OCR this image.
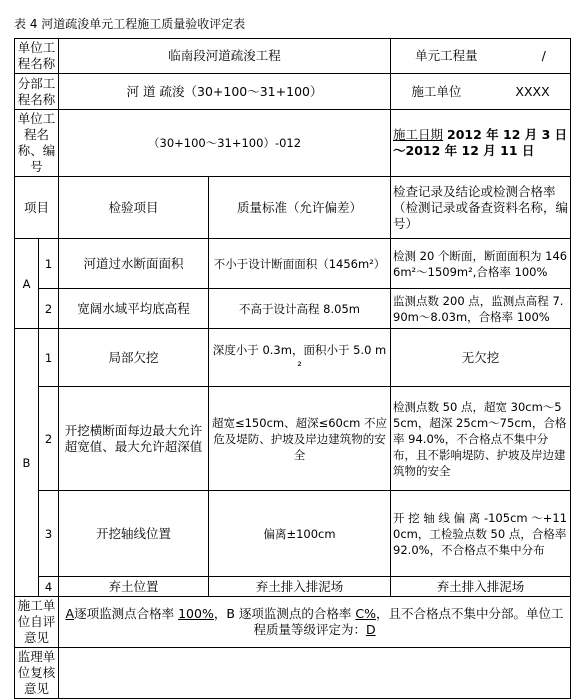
表 4 河道疏浚单元工程施工质量验收评定表
单位工程名称		临南段河道疏浚工程		单元工程量 /
分部工程名称		河 道 疏浚（30+100～31+100）		施工单位 XXXX
单位工程名称、编号		（30+100～31+100）-012		施工日期 2012 年 12 月 3 日～2012 年 12 月 11 日
项目		检验项目	质量标准（允许偏差）	检查记录及结论或检测合格率（检测记录或备查资料名称，编号）
A	1	河道过水断面面积	不小于设计断面面积（1456m²）	检测 20 个断面，断面面积为 1466m²～1509m²,合格率 100%
	2	宽阔水域平均底高程	不高于设计高程 8.05m	监测点数 200 点，监测点高程 7.90m～8.03m，合格率 100%
B	1	局部欠挖	深度小于 0.3m，面积小于 5.0 m²	无欠挖
	2	开挖横断面每边最大允许超宽值、最大允许超深值	超宽≤150cm、超深≤60cm 不应危及堤防、护坡及岸边建筑物的安全	检测点数 50 点，超宽 30cm～55cm，超深 25cm～75cm，合格率 94.0%，不合格点不集中分布，且不影响堤防、护坡及岸边建筑物的安全
	3	开挖轴线位置	偏离±100cm	开 挖 轴 线 偏 离 -105cm ～+110cm，工检验点数 50 点，合格率 92.0%，不合格点不集中分布
	4	弃土位置	弃土排入排泥场	弃土排入排泥场
施工单位自评意见		A逐项监测点合格率 100%，B 逐项监测点的合格率 C%，且不合格点不集中分部。单位工程质量等级评定为：D		
监理单位复核意见				
